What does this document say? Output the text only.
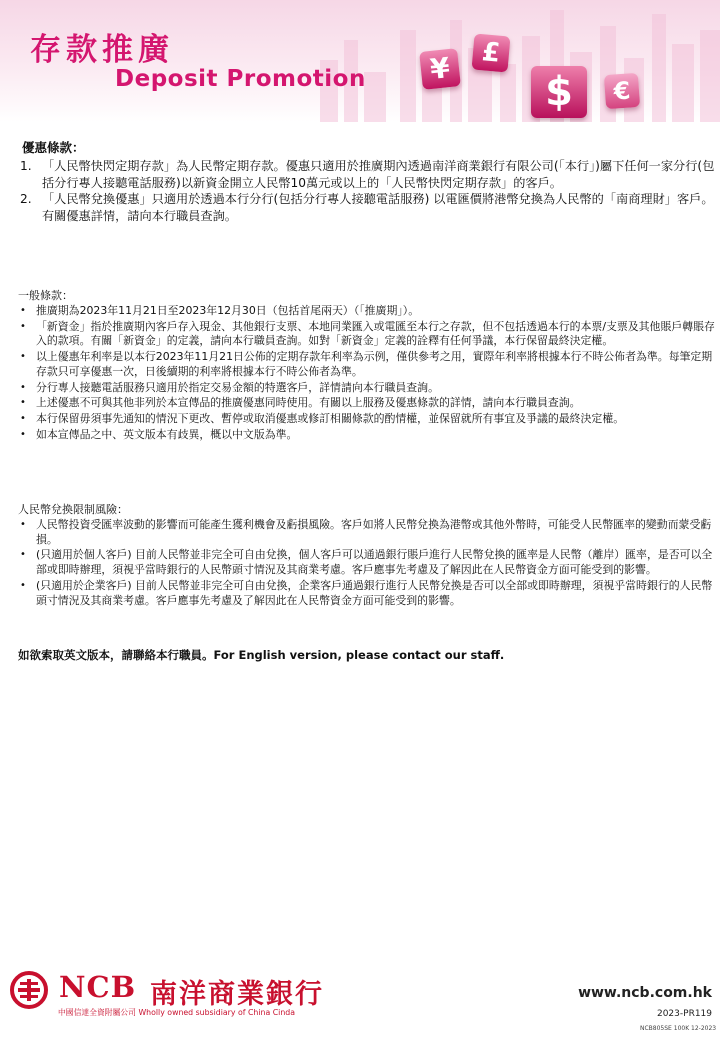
存款推廣
Deposit Promotion	¥	£
$	€
優惠條款：
1. 「人民幣快閃定期存款」為人民幣定期存款。優惠只適用於推廣期內透過南洋商業銀行有限公司(「本行」)屬下任何一家分行(包括分行專人接聽電話服務)以新資金開立人民幣10萬元或以上的「人民幣快閃定期存款」的客戶。
2. 「人民幣兌換優惠」只適用於透過本行分行(包括分行專人接聽電話服務) 以電匯價將港幣兌換為人民幣的「南商理財」客戶。有關優惠詳情，請向本行職員查詢。
一般條款：
• 推廣期為2023年11月21日至2023年12月30日（包括首尾兩天）（「推廣期」）。
• 「新資金」指於推廣期內客戶存入現金、其他銀行支票、本地同業匯入或電匯至本行之存款，但不包括透過本行的本票/支票及其他賬戶轉賬存入的款項。有關「新資金」的定義，請向本行職員查詢。如對「新資金」定義的詮釋有任何爭議，本行保留最終決定權。
• 以上優惠年利率是以本行2023年11月21日公佈的定期存款年利率為示例，僅供參考之用，實際年利率將根據本行不時公佈者為準。每筆定期存款只可享優惠一次，日後續期的利率將根據本行不時公佈者為準。
• 分行專人接聽電話服務只適用於指定交易金額的特選客戶，詳情請向本行職員查詢。
• 上述優惠不可與其他非列於本宣傳品的推廣優惠同時使用。有關以上服務及優惠條款的詳情，請向本行職員查詢。
• 本行保留毋須事先通知的情況下更改、暫停或取消優惠或修訂相關條款的酌情權，並保留就所有事宜及爭議的最終決定權。
• 如本宣傳品之中、英文版本有歧異，概以中文版為準。
人民幣兌換限制風險：
• 人民幣投資受匯率波動的影響而可能產生獲利機會及虧損風險。客戶如將人民幣兌換為港幣或其他外幣時，可能受人民幣匯率的變動而蒙受虧損。
• (只適用於個人客戶) 目前人民幣並非完全可自由兌換，個人客戶可以通過銀行賬戶進行人民幣兌換的匯率是人民幣（離岸）匯率，是否可以全部或即時辦理，須視乎當時銀行的人民幣頭寸情況及其商業考慮。客戶應事先考慮及了解因此在人民幣資金方面可能受到的影響。
• (只適用於企業客戶) 目前人民幣並非完全可自由兌換，企業客戶通過銀行進行人民幣兌換是否可以全部或即時辦理，須視乎當時銀行的人民幣頭寸情況及其商業考慮。客戶應事先考慮及了解因此在人民幣資金方面可能受到的影響。
如欲索取英文版本，請聯絡本行職員。For English version, please contact our staff.
NCB 南洋商業銀行
中國信達全資附屬公司 Wholly owned subsidiary of China Cinda
www.ncb.com.hk
2023-PR119
NCB805SE 100K 12-2023
